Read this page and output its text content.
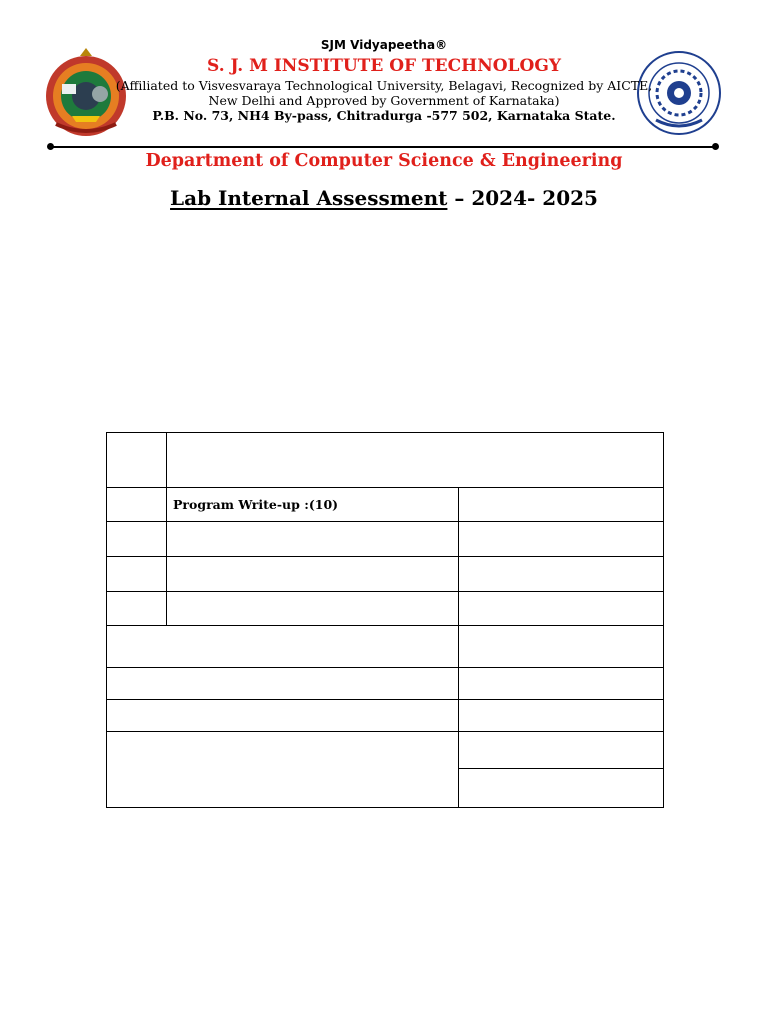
SJM Vidyapeetha®
S. J. M INSTITUTE OF TECHNOLOGY
(Affiliated to Visvesvaraya Technological University, Belagavi, Recognized by AICTE,
New Delhi and Approved by Government of Karnataka)
P.B. No. 73, NH4 By-pass, Chitradurga -577 502, Karnataka State.
Department of Computer Science & Engineering
Lab Internal Assessment – 2024- 2025

	Program Write-up :(10)	
